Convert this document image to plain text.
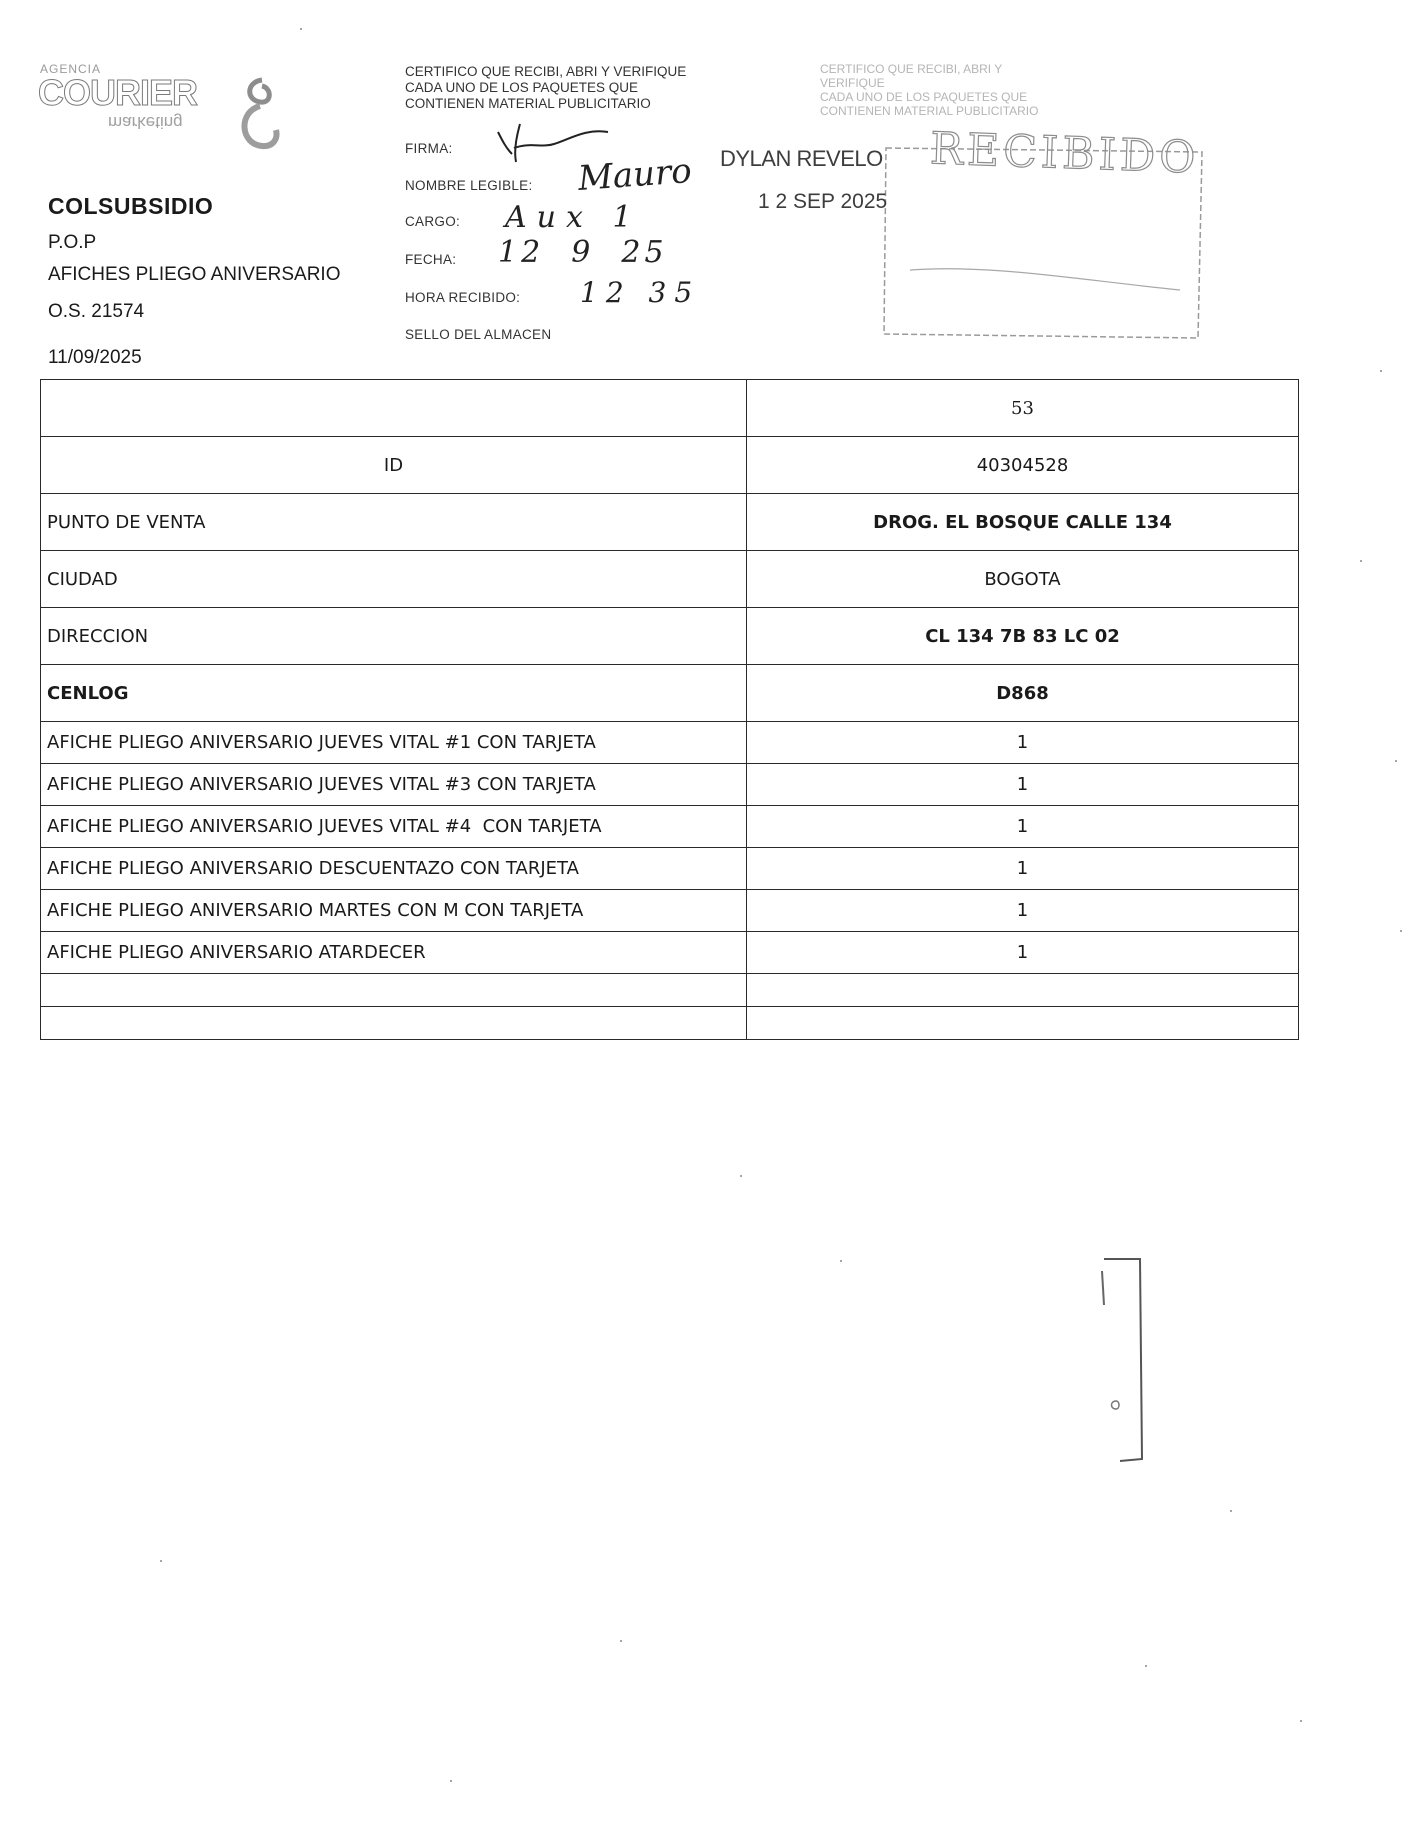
AGENCIA
COURIER
marketing
COLSUBSIDIO
P.O.P
AFICHES PLIEGO ANIVERSARIO
O.S. 21574
11/09/2025
CERTIFICO QUE RECIBI, ABRI Y VERIFIQUE
CADA UNO DE LOS PAQUETES QUE
CONTIENEN MATERIAL PUBLICITARIO
FIRMA:
NOMBRE LEGIBLE: Mauro
CARGO: Aux 1
FECHA: 12  9  25
HORA RECIBIDO: 12 35
SELLO DEL ALMACEN
CERTIFICO QUE RECIBI, ABRI Y VERIFIQUE
CADA UNO DE LOS PAQUETES QUE
CONTIENEN MATERIAL PUBLICITARIO
RECIBIDO
DYLAN REVELO
1 2 SEP 2025
	53
ID	40304528
PUNTO DE VENTA	DROG. EL BOSQUE CALLE 134
CIUDAD	BOGOTA
DIRECCION	CL 134 7B 83 LC 02
CENLOG	D868
AFICHE PLIEGO ANIVERSARIO JUEVES VITAL #1 CON TARJETA	1
AFICHE PLIEGO ANIVERSARIO JUEVES VITAL #3 CON TARJETA	1
AFICHE PLIEGO ANIVERSARIO JUEVES VITAL #4  CON TARJETA	1
AFICHE PLIEGO ANIVERSARIO DESCUENTAZO CON TARJETA	1
AFICHE PLIEGO ANIVERSARIO MARTES CON M CON TARJETA	1
AFICHE PLIEGO ANIVERSARIO ATARDECER	1
